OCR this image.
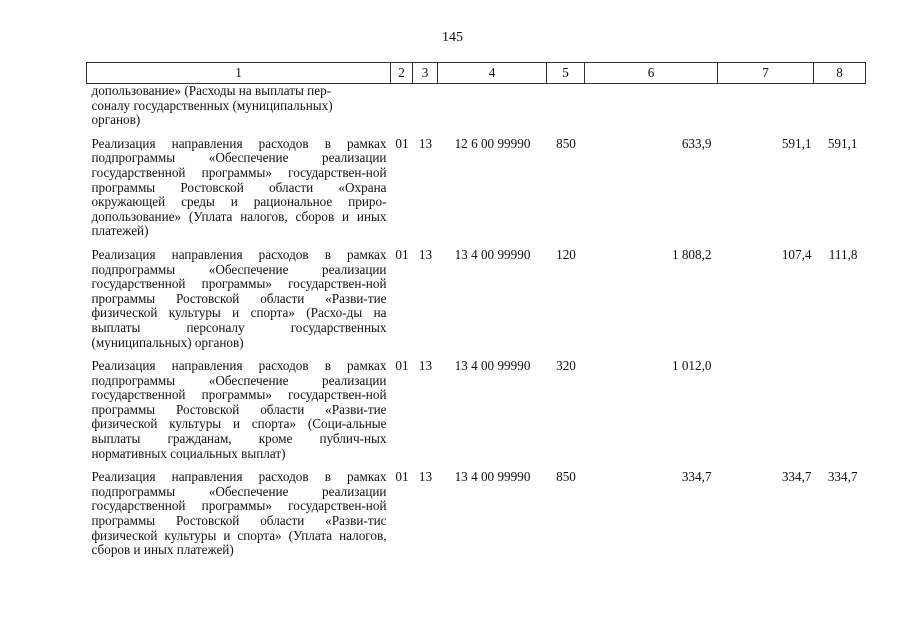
145
1	2	3	4	5	6	7	8
допользование» (Расходы на выплаты пер-
соналу государственных (муниципальных)
органов)							
Реализация направления расходов в рамках подпрограммы «Обеспечение реализации государственной программы» государствен-ной программы Ростовской области «Охрана окружающей среды и рациональное приро-допользование» (Уплата налогов, сборов и иных платежей)	01	13	12 6 00 99990	850	633,9	591,1	591,1
Реализация направления расходов в рамках подпрограммы «Обеспечение реализации государственной программы» государствен-ной программы Ростовской области «Разви-тие физической культуры и спорта» (Расхо-ды на выплаты персоналу государственных (муниципальных) органов)	01	13	13 4 00 99990	120	1 808,2	107,4	111,8
Реализация направления расходов в рамках подпрограммы «Обеспечение реализации государственной программы» государствен-ной программы Ростовской области «Разви-тие физической культуры и спорта» (Соци-альные выплаты гражданам, кроме публич-ных нормативных социальных выплат)	01	13	13 4 00 99990	320	1 012,0		
Реализация направления расходов в рамках подпрограммы «Обеспечение реализации государственной программы» государствен-ной программы Ростовской области «Разви-тис физической культуры и спорта» (Уплата налогов, сборов и иных платежей)	01	13	13 4 00 99990	850	334,7	334,7	334,7
